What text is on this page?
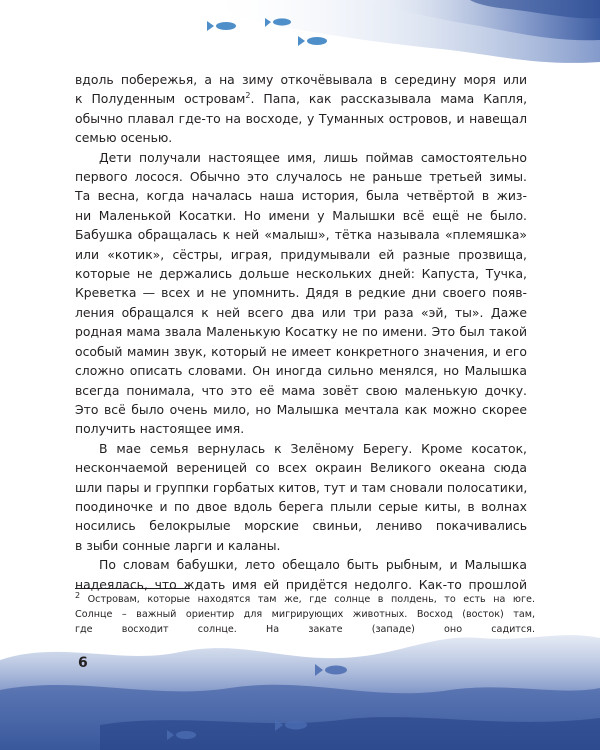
вдоль побережья, а на зиму откочёвывала в середину моря или
к Полуденным островам$^2$. Папа, как рассказывала мама Капля,
обычно плавал где-то на восходе, у Туманных островов, и навещал
семью осенью.

Дети получали настоящее имя, лишь поймав самостоятельно
первого лосося. Обычно это случалось не раньше третьей зимы.
Та весна, когда началась наша история, была четвёртой в жиз-
ни Маленькой Косатки. Но имени у Малышки всё ещё не было.
Бабушка обращалась к ней «малыш», тётка называла «племяшка»
или «котик», сёстры, играя, придумывали ей разные прозвища,
которые не держались дольше нескольких дней: Капуста, Тучка,
Креветка — всех и не упомнить. Дядя в редкие дни своего появ-
ления обращался к ней всего два или три раза «эй, ты». Даже
родная мама звала Маленькую Косатку не по имени. Это был такой
особый мамин звук, который не имеет конкретного значения, и его
сложно описать словами. Он иногда сильно менялся, но Малышка
всегда понимала, что это её мама зовёт свою маленькую дочку.
Это всё было очень мило, но Малышка мечтала как можно скорее
получить настоящее имя.

В мае семья вернулась к Зелёному Берегу. Кроме косаток,
нескончаемой вереницей со всех окраин Великого океана сюда
шли пары и группки горбатых китов, тут и там сновали полосатики,
поодиночке и по двое вдоль берега плыли серые киты, в волнах
носились белокрылые морские свиньи, лениво покачивались
в зыби сонные ларги и каланы.

По словам бабушки, лето обещало быть рыбным, и Малышка
надеялась, что ждать имя ей придётся недолго. Как-то прошлой

$^2$ Островам, которые находятся там же, где солнце в полдень, то есть на юге.
Солнце – важный ориентир для мигрирующих животных. Восход (восток) там,
где восходит солнце. На закате (западе) оно садится.
6
